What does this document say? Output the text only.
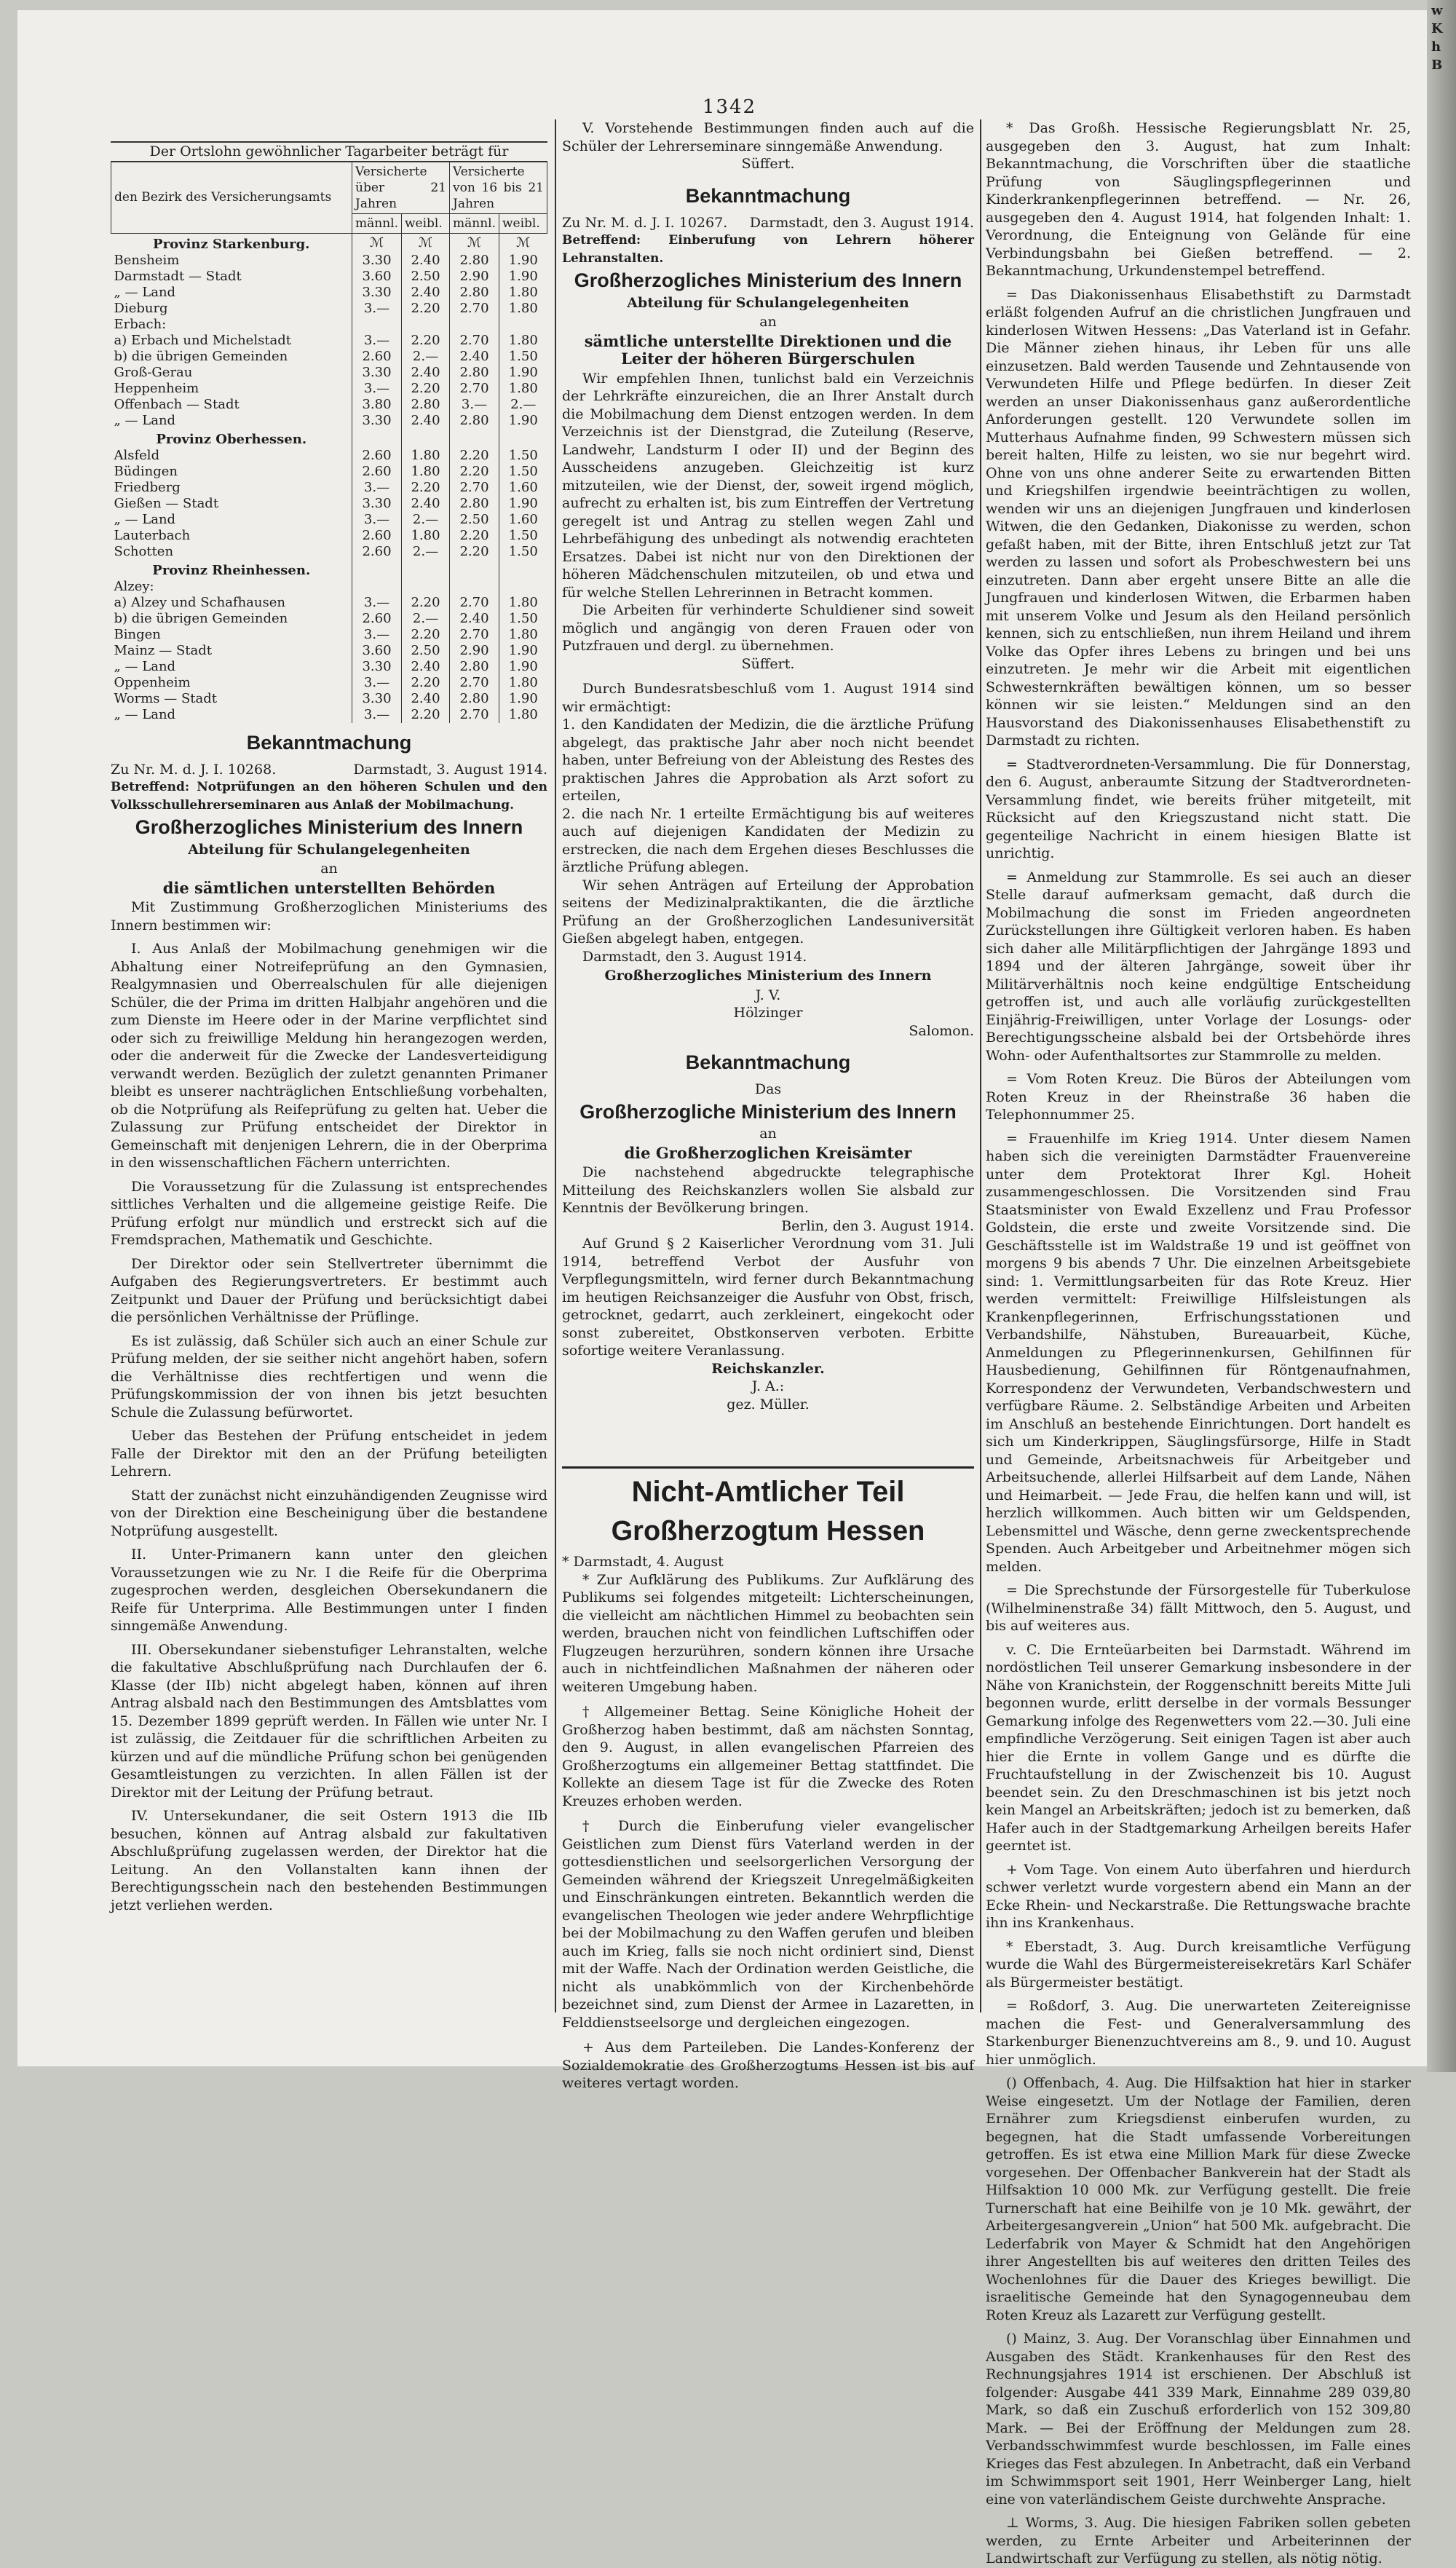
1342
Der Ortslohn gewöhnlicher Tagarbeiter beträgt für
den Bezirk des Versicherungsamts	Versicherte über 21 Jahren		Versicherte von 16 bis 21 Jahren	
	männl.	weibl.	männl.	weibl.
Provinz Starkenburg.	ℳ	ℳ	ℳ	ℳ
Bensheim	3.30	2.40	2.80	1.90
Darmstadt — Stadt	3.60	2.50	2.90	1.90
„ — Land	3.30	2.40	2.80	1.80
Dieburg	3.—	2.20	2.70	1.80
Erbach:				
a) Erbach und Michelstadt	3.—	2.20	2.70	1.80
b) die übrigen Gemeinden	2.60	2.—	2.40	1.50
Groß-Gerau	3.30	2.40	2.80	1.90
Heppenheim	3.—	2.20	2.70	1.80
Offenbach — Stadt	3.80	2.80	3.—	2.—
„ — Land	3.30	2.40	2.80	1.90
Provinz Oberhessen.				
Alsfeld	2.60	1.80	2.20	1.50
Büdingen	2.60	1.80	2.20	1.50
Friedberg	3.—	2.20	2.70	1.60
Gießen — Stadt	3.30	2.40	2.80	1.90
„ — Land	3.—	2.—	2.50	1.60
Lauterbach	2.60	1.80	2.20	1.50
Schotten	2.60	2.—	2.20	1.50
Provinz Rheinhessen.				
Alzey:				
a) Alzey und Schafhausen	3.—	2.20	2.70	1.80
b) die übrigen Gemeinden	2.60	2.—	2.40	1.50
Bingen	3.—	2.20	2.70	1.80
Mainz — Stadt	3.60	2.50	2.90	1.90
„ — Land	3.30	2.40	2.80	1.90
Oppenheim	3.—	2.20	2.70	1.80
Worms — Stadt	3.30	2.40	2.80	1.90
„ — Land	3.—	2.20	2.70	1.80
Bekanntmachung
Zu Nr. M. d. J. I. 10268.	Darmstadt, 3. August 1914.

Betreffend: Notprüfungen an den höheren Schulen und den Volksschullehrerseminaren aus Anlaß der Mobilmachung.

Großherzogliches Ministerium des Innern
Abteilung für Schulangelegenheiten
an
die sämtlichen unterstellten Behörden

Mit Zustimmung Großherzoglichen Ministeriums des Innern bestimmen wir:

I. Aus Anlaß der Mobilmachung genehmigen wir die Abhaltung einer Notreifeprüfung an den Gymnasien, Realgymnasien und Oberrealschulen für alle diejenigen Schüler, die der Prima im dritten Halbjahr angehören und die zum Dienste im Heere oder in der Marine verpflichtet sind oder sich zu freiwillige Meldung hin herangezogen werden, oder die anderweit für die Zwecke der Landesverteidigung verwandt werden. Bezüglich der zuletzt genannten Primaner bleibt es unserer nachträglichen Entschließung vorbehalten, ob die Notprüfung als Reifeprüfung zu gelten hat. Ueber die Zulassung zur Prüfung entscheidet der Direktor in Gemeinschaft mit denjenigen Lehrern, die in der Oberprima in den wissenschaftlichen Fächern unterrichten.

Die Voraussetzung für die Zulassung ist entsprechendes sittliches Verhalten und die allgemeine geistige Reife. Die Prüfung erfolgt nur mündlich und erstreckt sich auf die Fremdsprachen, Mathematik und Geschichte.

Der Direktor oder sein Stellvertreter übernimmt die Aufgaben des Regierungsvertreters. Er bestimmt auch Zeitpunkt und Dauer der Prüfung und berücksichtigt dabei die persönlichen Verhältnisse der Prüflinge.

Es ist zulässig, daß Schüler sich auch an einer Schule zur Prüfung melden, der sie seither nicht angehört haben, sofern die Verhältnisse dies rechtfertigen und wenn die Prüfungskommission der von ihnen bis jetzt besuchten Schule die Zulassung befürwortet.

Ueber das Bestehen der Prüfung entscheidet in jedem Falle der Direktor mit den an der Prüfung beteiligten Lehrern.

Statt der zunächst nicht einzuhändigenden Zeugnisse wird von der Direktion eine Bescheinigung über die bestandene Notprüfung ausgestellt.

II. Unter-Primanern kann unter den gleichen Voraussetzungen wie zu Nr. I die Reife für die Oberprima zugesprochen werden, desgleichen Obersekundanern die Reife für Unterprima. Alle Bestimmungen unter I finden sinngemäße Anwendung.

III. Obersekundaner siebenstufiger Lehranstalten, welche die fakultative Abschlußprüfung nach Durchlaufen der 6. Klasse (der IIb) nicht abgelegt haben, können auf ihren Antrag alsbald nach den Bestimmungen des Amtsblattes vom 15. Dezember 1899 geprüft werden. In Fällen wie unter Nr. I ist zulässig, die Zeitdauer für die schriftlichen Arbeiten zu kürzen und auf die mündliche Prüfung schon bei genügenden Gesamtleistungen zu verzichten. In allen Fällen ist der Direktor mit der Leitung der Prüfung betraut.

IV. Untersekundaner, die seit Ostern 1913 die IIb besuchen, können auf Antrag alsbald zur fakultativen Abschlußprüfung zugelassen werden, der Direktor hat die Leitung. An den Vollanstalten kann ihnen der Berechtigungsschein nach den bestehenden Bestimmungen jetzt verliehen werden.

V. Vorstehende Bestimmungen finden auch auf die Schüler der Lehrerseminare sinngemäße Anwendung.

Süffert.
Bekanntmachung
Zu Nr. M. d. J. I. 10267. Darmstadt, den 3. August 1914.

Betreffend: Einberufung von Lehrern höherer Lehranstalten.

Großherzogliches Ministerium des Innern
Abteilung für Schulangelegenheiten
an
sämtliche unterstellte Direktionen und die Leiter der höheren Bürgerschulen

Wir empfehlen Ihnen, tunlichst bald ein Verzeichnis der Lehrkräfte einzureichen, die an Ihrer Anstalt durch die Mobilmachung dem Dienst entzogen werden. In dem Verzeichnis ist der Dienstgrad, die Zuteilung (Reserve, Landwehr, Landsturm I oder II) und der Beginn des Ausscheidens anzugeben. Gleichzeitig ist kurz mitzuteilen, wie der Dienst, der, soweit irgend möglich, aufrecht zu erhalten ist, bis zum Eintreffen der Vertretung geregelt ist und Antrag zu stellen wegen Zahl und Lehrbefähigung des unbedingt als notwendig erachteten Ersatzes. Dabei ist nicht nur von den Direktionen der höheren Mädchenschulen mitzuteilen, ob und etwa und für welche Stellen Lehrerinnen in Betracht kommen.

Die Arbeiten für verhinderte Schuldiener sind soweit möglich und angängig von deren Frauen oder von Putzfrauen und dergl. zu übernehmen.

Süffert.

Durch Bundesratsbeschluß vom 1. August 1914 sind wir ermächtigt:

1. den Kandidaten der Medizin, die die ärztliche Prüfung abgelegt, das praktische Jahr aber noch nicht beendet haben, unter Befreiung von der Ableistung des Restes des praktischen Jahres die Approbation als Arzt sofort zu erteilen,

2. die nach Nr. 1 erteilte Ermächtigung bis auf weiteres auch auf diejenigen Kandidaten der Medizin zu erstrecken, die nach dem Ergehen dieses Beschlusses die ärztliche Prüfung ablegen.

Wir sehen Anträgen auf Erteilung der Approbation seitens der Medizinalpraktikanten, die die ärztliche Prüfung an der Großherzoglichen Landesuniversität Gießen abgelegt haben, entgegen.

Darmstadt, den 3. August 1914.

Großherzogliches Ministerium des Innern
J. V.
Hölzinger
Salomon.
Bekanntmachung
Das
Großherzogliche Ministerium des Innern
an
die Großherzoglichen Kreisämter

Die nachstehend abgedruckte telegraphische Mitteilung des Reichskanzlers wollen Sie alsbald zur Kenntnis der Bevölkerung bringen.

Berlin, den 3. August 1914.

Auf Grund § 2 Kaiserlicher Verordnung vom 31. Juli 1914, betreffend Verbot der Ausfuhr von Verpflegungsmitteln, wird ferner durch Bekanntmachung im heutigen Reichsanzeiger die Ausfuhr von Obst, frisch, getrocknet, gedarrt, auch zerkleinert, eingekocht oder sonst zubereitet, Obstkonserven verboten. Erbitte sofortige weitere Veranlassung.

Reichskanzler.
J. A.:
gez. Müller.
Nicht-Amtlicher Teil
Großherzogtum Hessen
* Darmstadt, 4. August

* Zur Aufklärung des Publikums. Zur Aufklärung des Publikums sei folgendes mitgeteilt: Lichterscheinungen, die vielleicht am nächtlichen Himmel zu beobachten sein werden, brauchen nicht von feindlichen Luftschiffen oder Flugzeugen herzurühren, sondern können ihre Ursache auch in nichtfeindlichen Maßnahmen der näheren oder weiteren Umgebung haben.

† Allgemeiner Bettag. Seine Königliche Hoheit der Großherzog haben bestimmt, daß am nächsten Sonntag, den 9. August, in allen evangelischen Pfarreien des Großherzogtums ein allgemeiner Bettag stattfindet. Die Kollekte an diesem Tage ist für die Zwecke des Roten Kreuzes erhoben werden.

† Durch die Einberufung vieler evangelischer Geistlichen zum Dienst fürs Vaterland werden in der gottesdienstlichen und seelsorgerlichen Versorgung der Gemeinden während der Kriegszeit Unregelmäßigkeiten und Einschränkungen eintreten. Bekanntlich werden die evangelischen Theologen wie jeder andere Wehrpflichtige bei der Mobilmachung zu den Waffen gerufen und bleiben auch im Krieg, falls sie noch nicht ordiniert sind, Dienst mit der Waffe. Nach der Ordination werden Geistliche, die nicht als unabkömmlich von der Kirchenbehörde bezeichnet sind, zum Dienst der Armee in Lazaretten, in Felddienstseelsorge und dergleichen eingezogen.

+ Aus dem Parteileben. Die Landes-Konferenz der Sozialdemokratie des Großherzogtums Hessen ist bis auf weiteres vertagt worden.

* Das Großh. Hessische Regierungsblatt Nr. 25, ausgegeben den 3. August, hat zum Inhalt: Bekanntmachung, die Vorschriften über die staatliche Prüfung von Säuglingspflegerinnen und Kinderkrankenpflegerinnen betreffend. — Nr. 26, ausgegeben den 4. August 1914, hat folgenden Inhalt: 1. Verordnung, die Enteignung von Gelände für eine Verbindungsbahn bei Gießen betreffend. — 2. Bekanntmachung, Urkundenstempel betreffend.

= Das Diakonissenhaus Elisabethstift zu Darmstadt erläßt folgenden Aufruf an die christlichen Jungfrauen und kinderlosen Witwen Hessens: „Das Vaterland ist in Gefahr. Die Männer ziehen hinaus, ihr Leben für uns alle einzusetzen. Bald werden Tausende und Zehntausende von Verwundeten Hilfe und Pflege bedürfen. In dieser Zeit werden an unser Diakonissenhaus ganz außerordentliche Anforderungen gestellt. 120 Verwundete sollen im Mutterhaus Aufnahme finden, 99 Schwestern müssen sich bereit halten, Hilfe zu leisten, wo sie nur begehrt wird. Ohne von uns ohne anderer Seite zu erwartenden Bitten und Kriegshilfen irgendwie beeinträchtigen zu wollen, wenden wir uns an diejenigen Jungfrauen und kinderlosen Witwen, die den Gedanken, Diakonisse zu werden, schon gefaßt haben, mit der Bitte, ihren Entschluß jetzt zur Tat werden zu lassen und sofort als Probeschwestern bei uns einzutreten. Dann aber ergeht unsere Bitte an alle die Jungfrauen und kinderlosen Witwen, die Erbarmen haben mit unserem Volke und Jesum als den Heiland persönlich kennen, sich zu entschließen, nun ihrem Heiland und ihrem Volke das Opfer ihres Lebens zu bringen und bei uns einzutreten. Je mehr wir die Arbeit mit eigentlichen Schwesternkräften bewältigen können, um so besser können wir sie leisten.“ Meldungen sind an den Hausvorstand des Diakonissenhauses Elisabethenstift zu Darmstadt zu richten.

= Stadtverordneten-Versammlung. Die für Donnerstag, den 6. August, anberaumte Sitzung der Stadtverordneten-Versammlung findet, wie bereits früher mitgeteilt, mit Rücksicht auf den Kriegszustand nicht statt. Die gegenteilige Nachricht in einem hiesigen Blatte ist unrichtig.

= Anmeldung zur Stammrolle. Es sei auch an dieser Stelle darauf aufmerksam gemacht, daß durch die Mobilmachung die sonst im Frieden angeordneten Zurückstellungen ihre Gültigkeit verloren haben. Es haben sich daher alle Militärpflichtigen der Jahrgänge 1893 und 1894 und der älteren Jahrgänge, soweit über ihr Militärverhältnis noch keine endgültige Entscheidung getroffen ist, und auch alle vorläufig zurückgestellten Einjährig-Freiwilligen, unter Vorlage der Losungs- oder Berechtigungsscheine alsbald bei der Ortsbehörde ihres Wohn- oder Aufenthaltsortes zur Stammrolle zu melden.

= Vom Roten Kreuz. Die Büros der Abteilungen vom Roten Kreuz in der Rheinstraße 36 haben die Telephonnummer 25.

= Frauenhilfe im Krieg 1914. Unter diesem Namen haben sich die vereinigten Darmstädter Frauenvereine unter dem Protektorat Ihrer Kgl. Hoheit zusammengeschlossen. Die Vorsitzenden sind Frau Staatsminister von Ewald Exzellenz und Frau Professor Goldstein, die erste und zweite Vorsitzende sind. Die Geschäftsstelle ist im Waldstraße 19 und ist geöffnet von morgens 9 bis abends 7 Uhr. Die einzelnen Arbeitsgebiete sind: 1. Vermittlungsarbeiten für das Rote Kreuz. Hier werden vermittelt: Freiwillige Hilfsleistungen als Krankenpflegerinnen, Erfrischungsstationen und Verbandshilfe, Nähstuben, Bureauarbeit, Küche, Anmeldungen zu Pflegerinnenkursen, Gehilfinnen für Hausbedienung, Gehilfinnen für Röntgenaufnahmen, Korrespondenz der Verwundeten, Verbandschwestern und verfügbare Räume. 2. Selbständige Arbeiten und Arbeiten im Anschluß an bestehende Einrichtungen. Dort handelt es sich um Kinderkrippen, Säuglingsfürsorge, Hilfe in Stadt und Gemeinde, Arbeitsnachweis für Arbeitgeber und Arbeitsuchende, allerlei Hilfsarbeit auf dem Lande, Nähen und Heimarbeit. — Jede Frau, die helfen kann und will, ist herzlich willkommen. Auch bitten wir um Geldspenden, Lebensmittel und Wäsche, denn gerne zweckentsprechende Spenden. Auch Arbeitgeber und Arbeitnehmer mögen sich melden.

= Die Sprechstunde der Fürsorgestelle für Tuberkulose (Wilhelminenstraße 34) fällt Mittwoch, den 5. August, und bis auf weiteres aus.

v. C. Die Ernteüarbeiten bei Darmstadt. Während im nordöstlichen Teil unserer Gemarkung insbesondere in der Nähe von Kranichstein, der Roggenschnitt bereits Mitte Juli begonnen wurde, erlitt derselbe in der vormals Bessunger Gemarkung infolge des Regenwetters vom 22.—30. Juli eine empfindliche Verzögerung. Seit einigen Tagen ist aber auch hier die Ernte in vollem Gange und es dürfte die Fruchtaufstellung in der Zwischenzeit bis 10. August beendet sein. Zu den Dreschmaschinen ist bis jetzt noch kein Mangel an Arbeitskräften; jedoch ist zu bemerken, daß Hafer auch in der Stadtgemarkung Arheilgen bereits Hafer geerntet ist.

+ Vom Tage. Von einem Auto überfahren und hierdurch schwer verletzt wurde vorgestern abend ein Mann an der Ecke Rhein- und Neckarstraße. Die Rettungswache brachte ihn ins Krankenhaus.

* Eberstadt, 3. Aug. Durch kreisamtliche Verfügung wurde die Wahl des Bürgermeistereisekretärs Karl Schäfer als Bürgermeister bestätigt.

= Roßdorf, 3. Aug. Die unerwarteten Zeitereignisse machen die Fest- und Generalversammlung des Starkenburger Bienenzuchtvereins am 8., 9. und 10. August hier unmöglich.

() Offenbach, 4. Aug. Die Hilfsaktion hat hier in starker Weise eingesetzt. Um der Notlage der Familien, deren Ernährer zum Kriegsdienst einberufen wurden, zu begegnen, hat die Stadt umfassende Vorbereitungen getroffen. Es ist etwa eine Million Mark für diese Zwecke vorgesehen. Der Offenbacher Bankverein hat der Stadt als Hilfsaktion 10 000 Mk. zur Verfügung gestellt. Die freie Turnerschaft hat eine Beihilfe von je 10 Mk. gewährt, der Arbeitergesangverein „Union“ hat 500 Mk. aufgebracht. Die Lederfabrik von Mayer & Schmidt hat den Angehörigen ihrer Angestellten bis auf weiteres den dritten Teiles des Wochenlohnes für die Dauer des Krieges bewilligt. Die israelitische Gemeinde hat den Synagogenneubau dem Roten Kreuz als Lazarett zur Verfügung gestellt.

() Mainz, 3. Aug. Der Voranschlag über Einnahmen und Ausgaben des Städt. Krankenhauses für den Rest des Rechnungsjahres 1914 ist erschienen. Der Abschluß ist folgender: Ausgabe 441 339 Mark, Einnahme 289 039,80 Mark, so daß ein Zuschuß erforderlich von 152 309,80 Mark. — Bei der Eröffnung der Meldungen zum 28. Verbandsschwimmfest wurde beschlossen, im Falle eines Krieges das Fest abzulegen. In Anbetracht, daß ein Verband im Schwimmsport seit 1901, Herr Weinberger Lang, hielt eine von vaterländischem Geiste durchwehte Ansprache.

⊥ Worms, 3. Aug. Die hiesigen Fabriken sollen gebeten werden, zu Ernte Arbeiter und Arbeiterinnen der Landwirtschaft zur Verfügung zu stellen, als nötig nötig.

w
K
h
B
